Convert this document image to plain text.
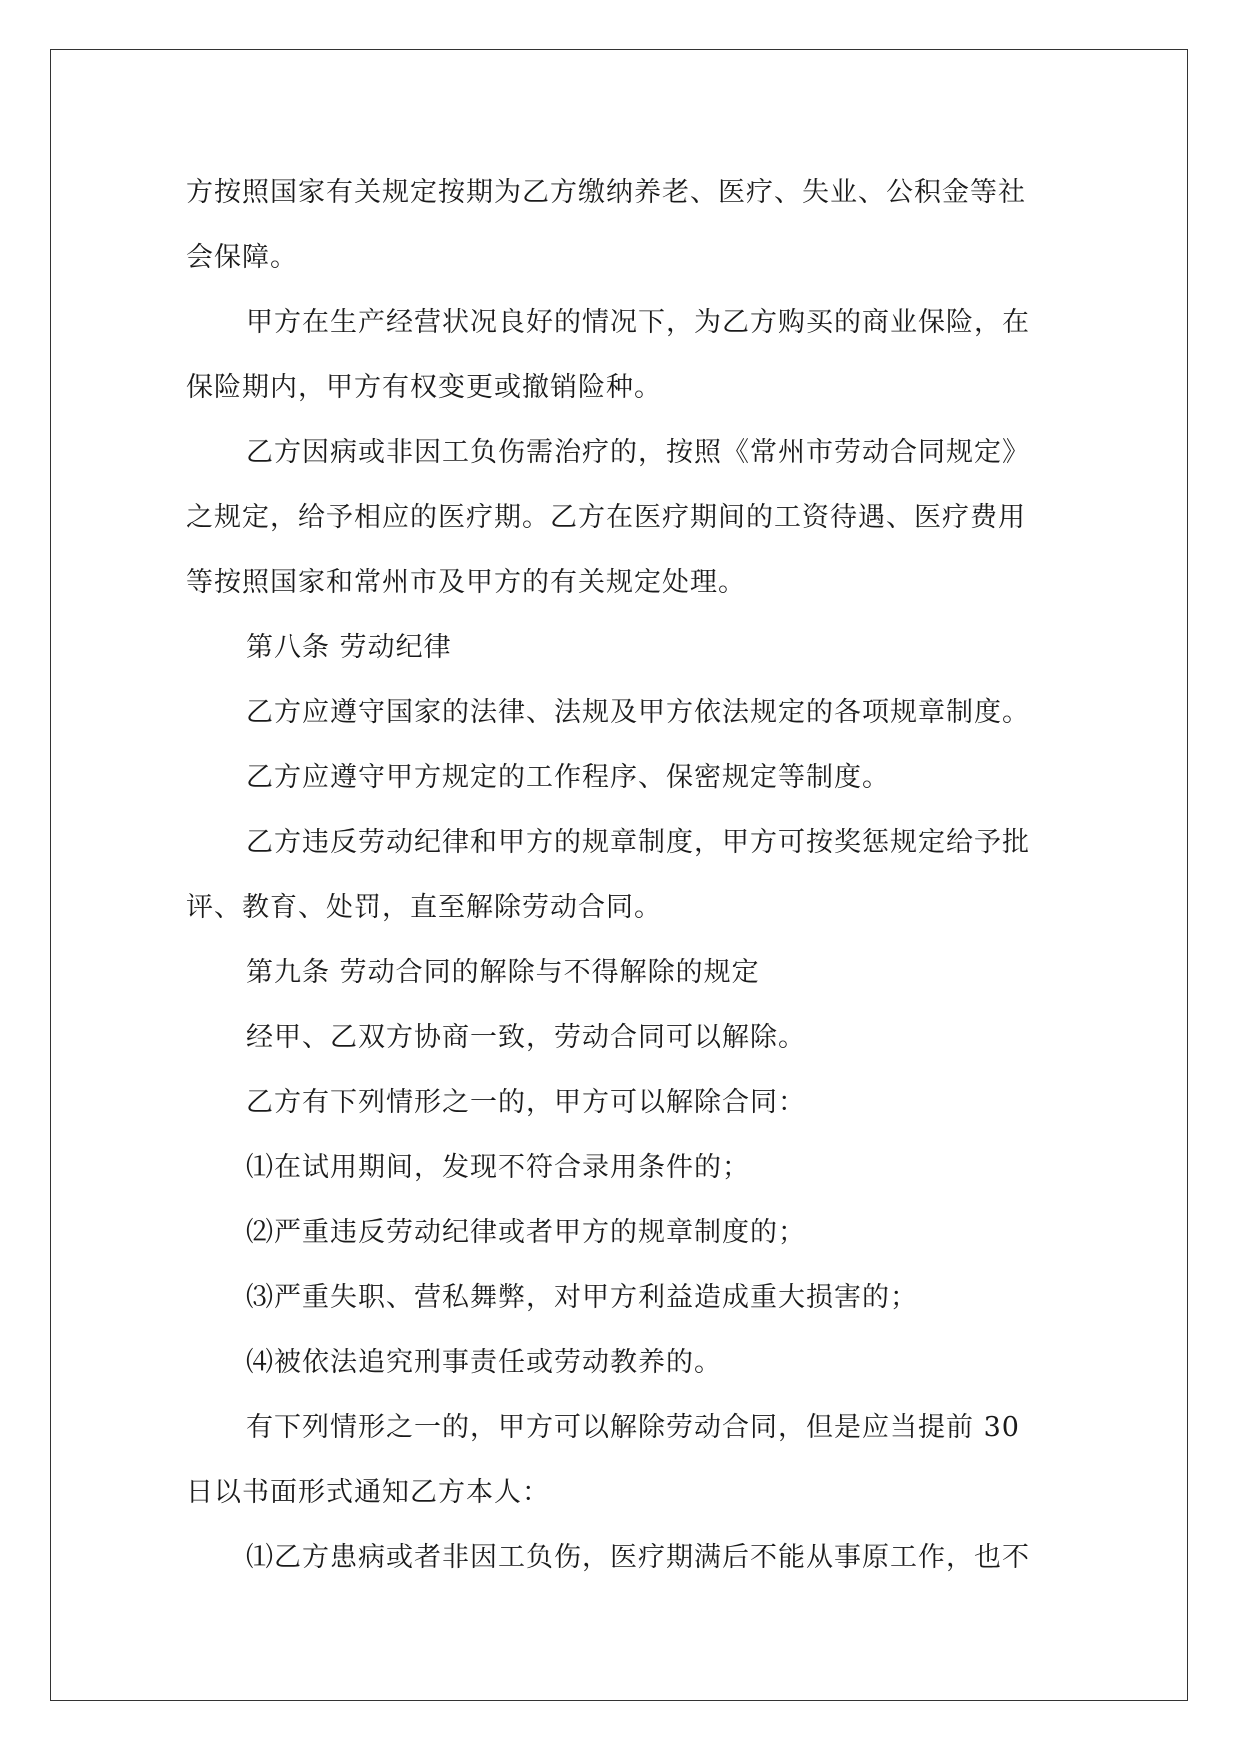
方按照国家有关规定按期为乙方缴纳养老、医疗、失业、公积金等社
会保障。
甲方在生产经营状况良好的情况下，为乙方购买的商业保险，在
保险期内，甲方有权变更或撤销险种。
乙方因病或非因工负伤需治疗的，按照《常州市劳动合同规定》
之规定，给予相应的医疗期。乙方在医疗期间的工资待遇、医疗费用
等按照国家和常州市及甲方的有关规定处理。
第八条 劳动纪律
乙方应遵守国家的法律、法规及甲方依法规定的各项规章制度。
乙方应遵守甲方规定的工作程序、保密规定等制度。
乙方违反劳动纪律和甲方的规章制度，甲方可按奖惩规定给予批
评、教育、处罚，直至解除劳动合同。
第九条 劳动合同的解除与不得解除的规定
经甲、乙双方协商一致，劳动合同可以解除。
乙方有下列情形之一的，甲方可以解除合同：
⑴在试用期间，发现不符合录用条件的；
⑵严重违反劳动纪律或者甲方的规章制度的；
⑶严重失职、营私舞弊，对甲方利益造成重大损害的；
⑷被依法追究刑事责任或劳动教养的。
有下列情形之一的，甲方可以解除劳动合同，但是应当提前 30
日以书面形式通知乙方本人：
⑴乙方患病或者非因工负伤，医疗期满后不能从事原工作，也不
